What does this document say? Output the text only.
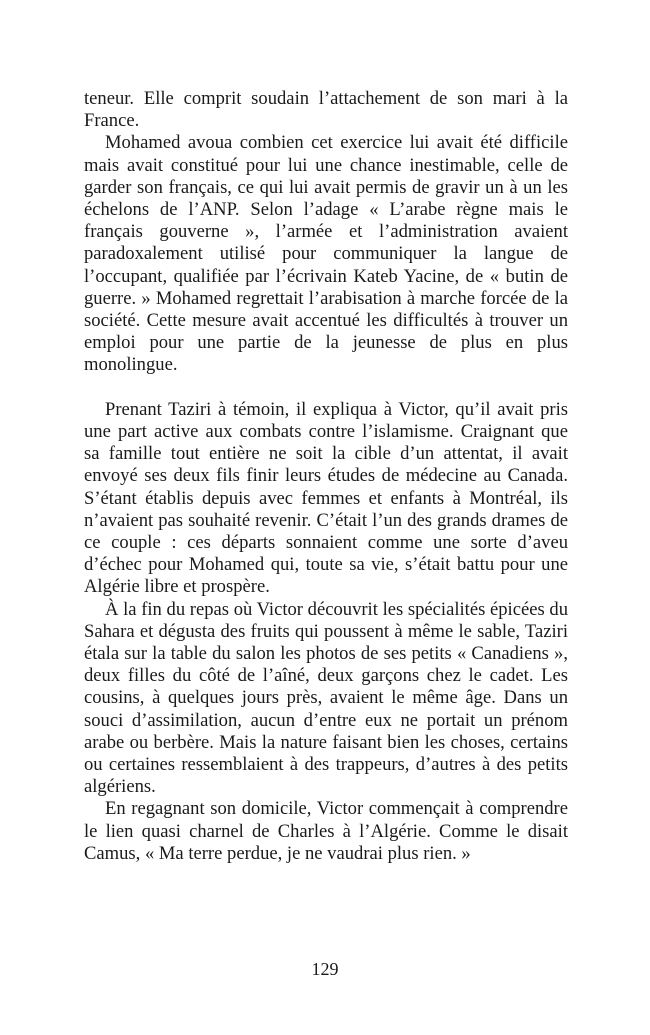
teneur. Elle comprit soudain l’attachement de son mari à la France.

Mohamed avoua combien cet exercice lui avait été difficile mais avait constitué pour lui une chance inestimable, celle de garder son français, ce qui lui avait permis de gravir un à un les échelons de l’ANP. Selon l’adage « L’arabe règne mais le français gouverne », l’armée et l’administration avaient paradoxalement utilisé pour communiquer la langue de l’occupant, qualifiée par l’écrivain Kateb Yacine, de « butin de guerre. » Mohamed regrettait l’arabisation à marche forcée de la société. Cette mesure avait accentué les difficultés à trouver un emploi pour une partie de la jeunesse de plus en plus monolingue.

Prenant Taziri à témoin, il expliqua à Victor, qu’il avait pris une part active aux combats contre l’islamisme. Craignant que sa famille tout entière ne soit la cible d’un attentat, il avait envoyé ses deux fils finir leurs études de médecine au Canada. S’étant établis depuis avec femmes et enfants à Montréal, ils n’avaient pas souhaité revenir. C’était l’un des grands drames de ce couple : ces départs sonnaient comme une sorte d’aveu d’échec pour Mohamed qui, toute sa vie, s’était battu pour une Algérie libre et prospère.

À la fin du repas où Victor découvrit les spécialités épicées du Sahara et dégusta des fruits qui poussent à même le sable, Taziri étala sur la table du salon les photos de ses petits « Canadiens », deux filles du côté de l’aîné, deux garçons chez le cadet. Les cousins, à quelques jours près, avaient le même âge. Dans un souci d’assimilation, aucun d’entre eux ne portait un prénom arabe ou berbère. Mais la nature faisant bien les choses, certains ou certaines ressemblaient à des trappeurs, d’autres à des petits algériens.

En regagnant son domicile, Victor commençait à comprendre le lien quasi charnel de Charles à l’Algérie. Comme le disait Camus, « Ma terre perdue, je ne vaudrai plus rien. »

129
